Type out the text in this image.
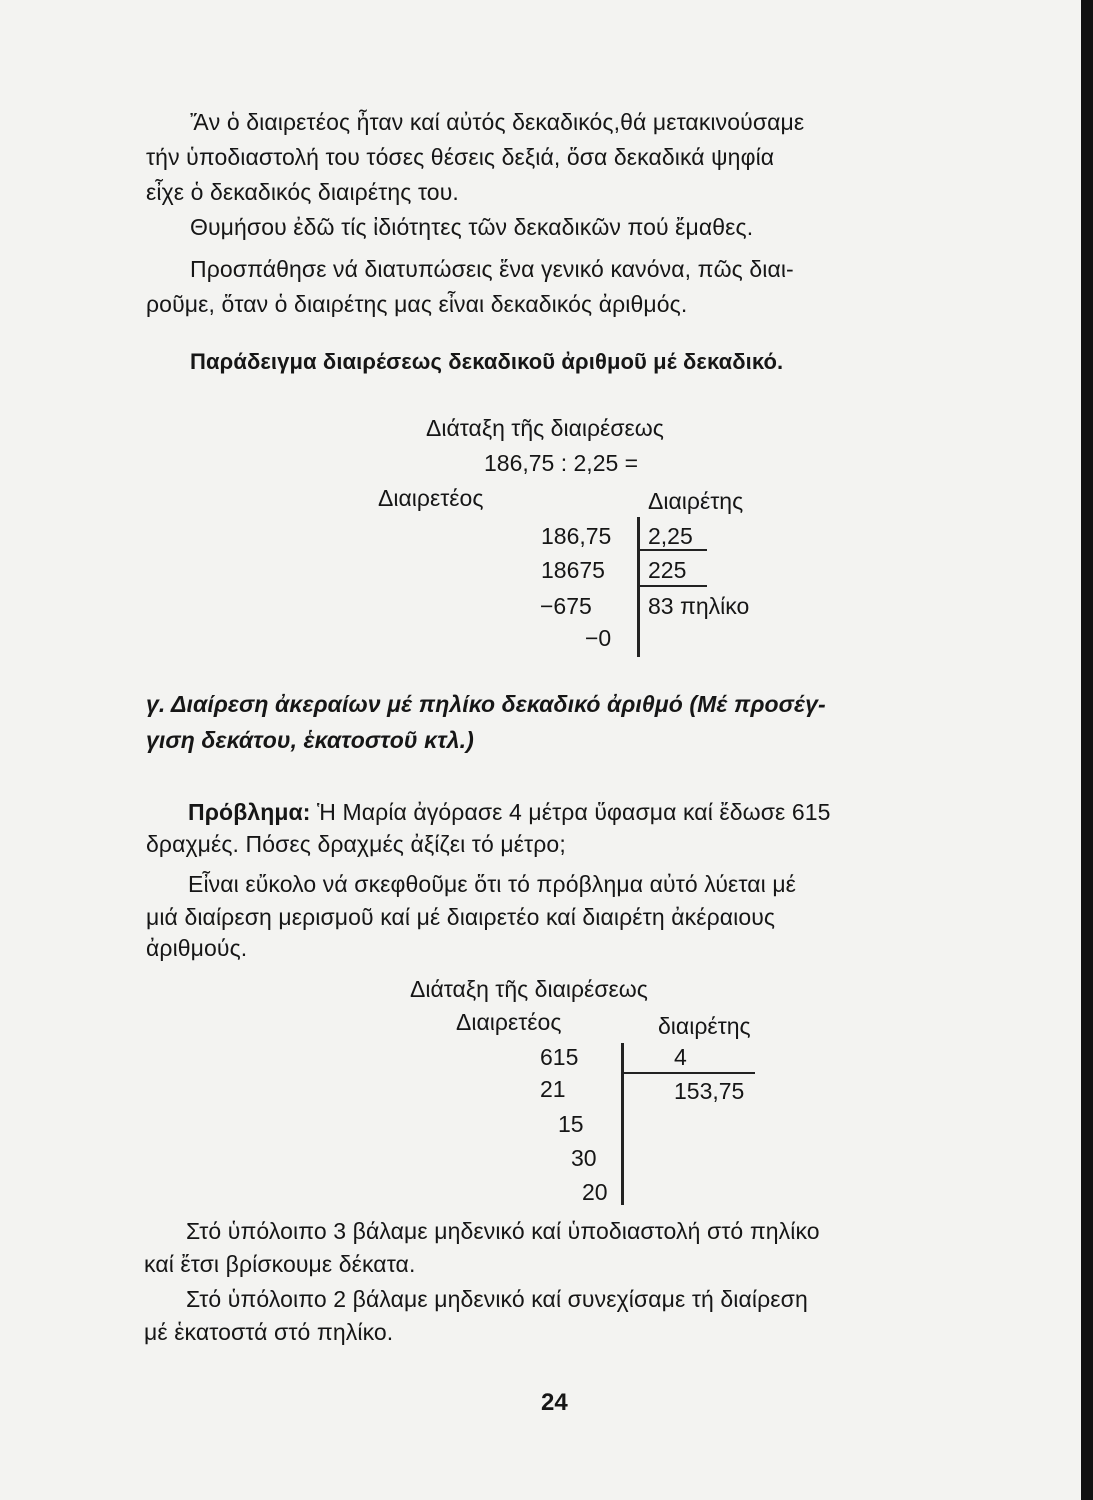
Ἄν ὁ διαιρετέος ἦταν καί αὐτός δεκαδικός,θά μετακινούσαμε

τήν ὑποδιαστολή του τόσες θέσεις δεξιά, ὅσα δεκαδικά ψηφία

εἶχε ὁ δεκαδικός διαιρέτης του.

Θυμήσου ἐδῶ τίς ἰδιότητες τῶν δεκαδικῶν πού ἔμαθες.

Προσπάθησε νά διατυπώσεις ἕνα γενικό κανόνα, πῶς διαι-

ροῦμε, ὅταν ὁ διαιρέτης μας εἶναι δεκαδικός ἀριθμός.

Παράδειγμα διαιρέσεως δεκαδικοῦ ἀριθμοῦ μέ δεκαδικό.

Διάταξη τῆς διαιρέσεως
186,75 : 2,25 =
Διαιρετέος	Διαιρέτης
186,75
18675
−675
−0
2,25
225
83 πηλίκο

γ. Διαίρεση ἀκεραίων μέ πηλίκο δεκαδικό ἀριθμό (Μέ προσέγ-

γιση δεκάτου, ἑκατοστοῦ κτλ.)

Πρόβλημα: Ἡ Μαρία ἀγόρασε 4 μέτρα ὕφασμα καί ἔδωσε 615

δραχμές. Πόσες δραχμές ἀξίζει τό μέτρο;

Εἶναι εὔκολο νά σκεφθοῦμε ὅτι τό πρόβλημα αὐτό λύεται μέ

μιά διαίρεση μερισμοῦ καί μέ διαιρετέο καί διαιρέτη ἀκέραιους

ἀριθμούς.

Διάταξη τῆς διαιρέσεως
Διαιρετέος	διαιρέτης
615
21
15
30
20
4
153,75

Στό ὑπόλοιπο 3 βάλαμε μηδενικό καί ὑποδιαστολή στό πηλίκο

καί ἔτσι βρίσκουμε δέκατα.

Στό ὑπόλοιπο 2 βάλαμε μηδενικό καί συνεχίσαμε τή διαίρεση

μέ ἑκατοστά στό πηλίκο.

24
